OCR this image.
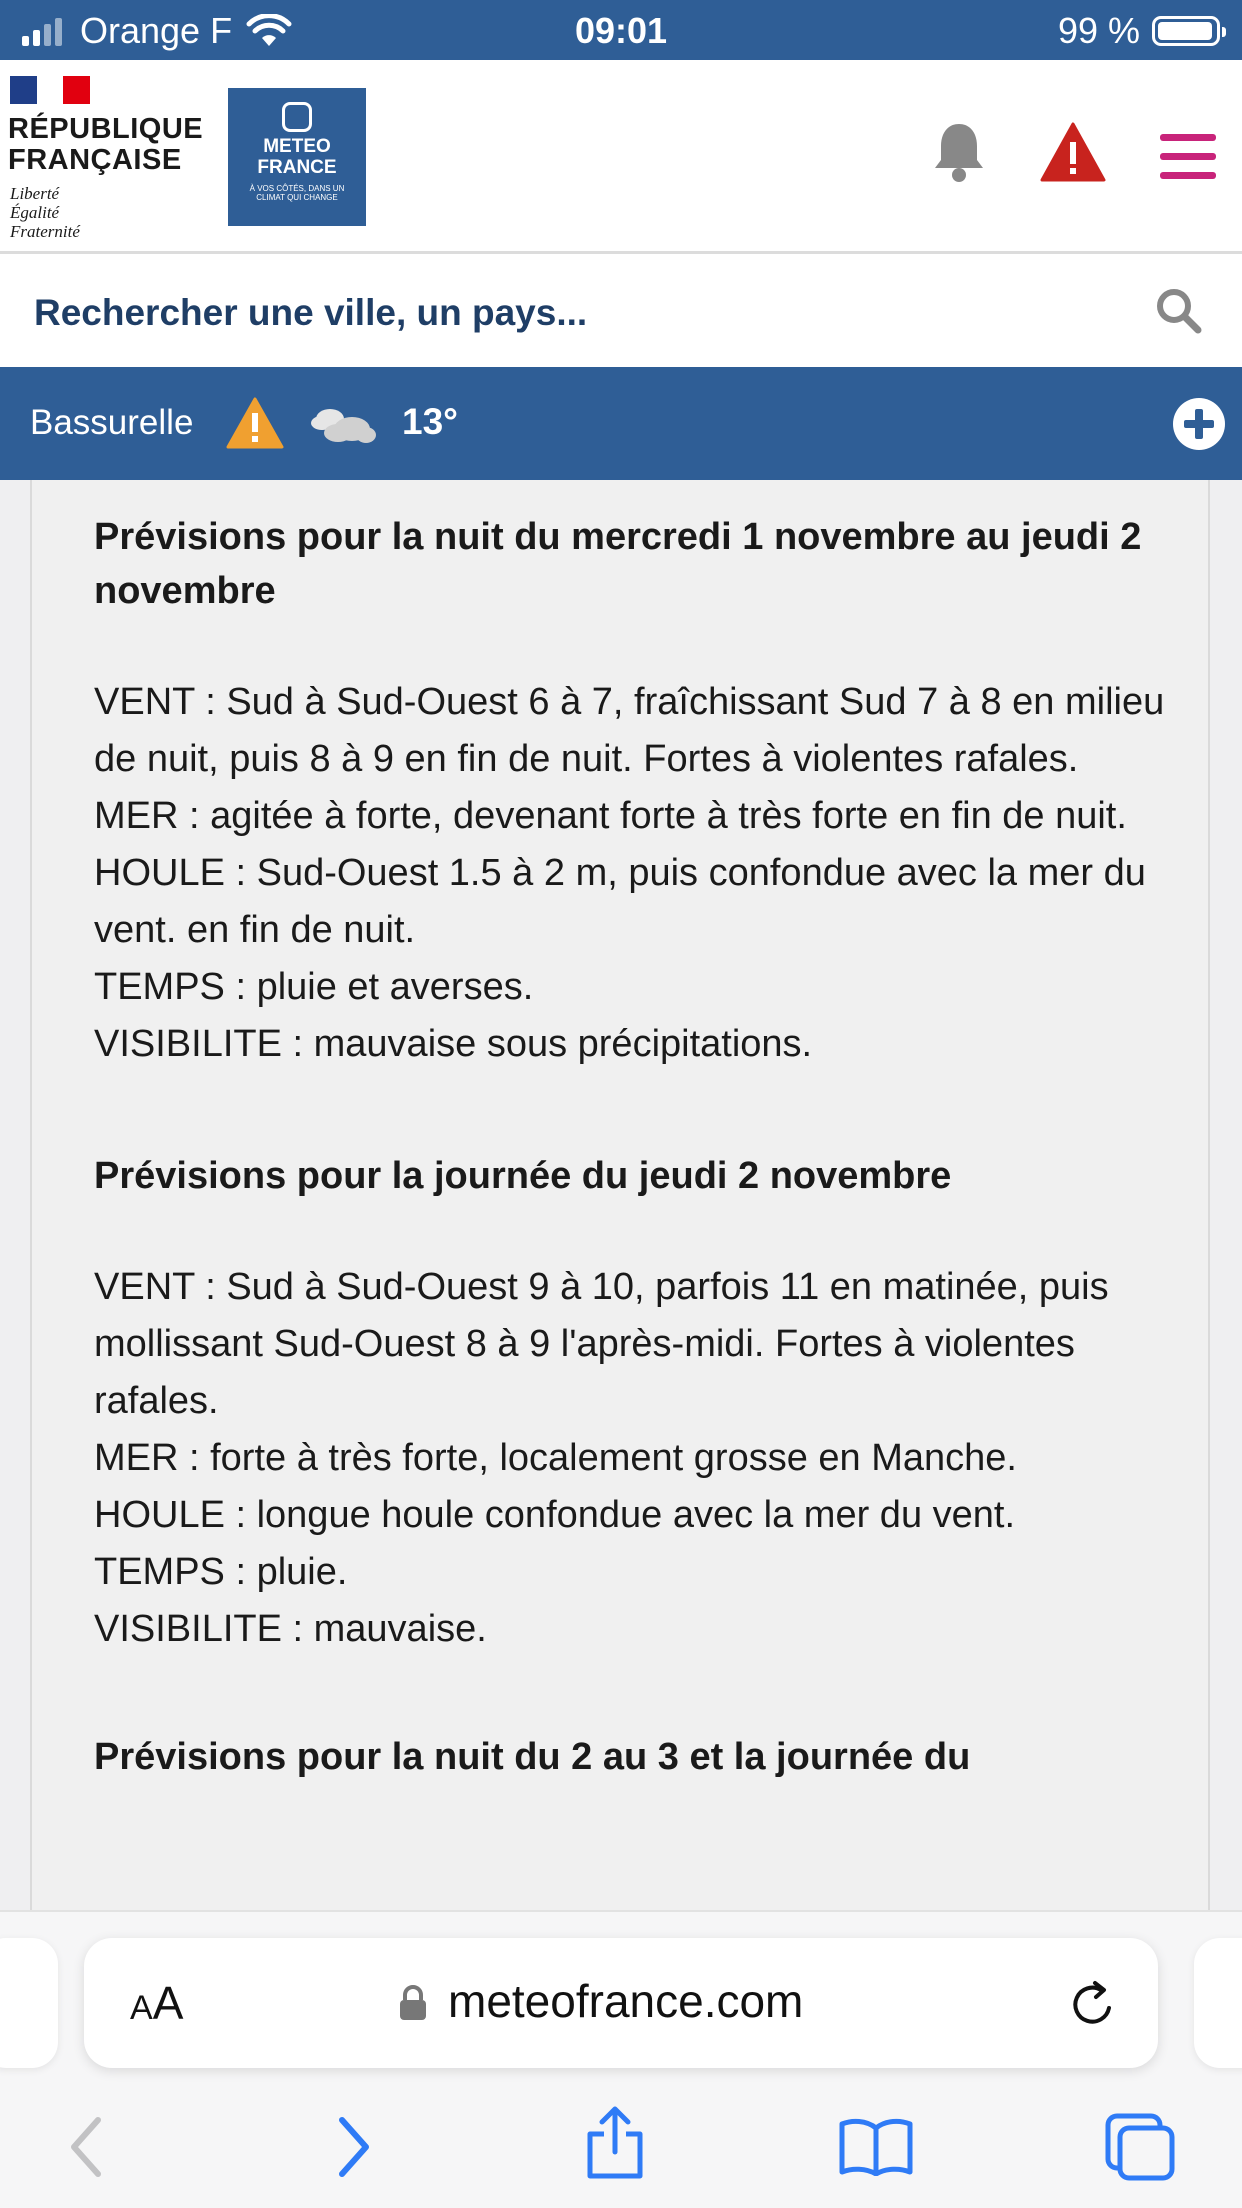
Orange F	09:01	99 %
RÉPUBLIQUE
FRANÇAISE
Liberté
Égalité
Fraternité
METEO
FRANCE
À VOS CÔTÉS, DANS UN CLIMAT QUI CHANGE
Rechercher une ville, un pays...
Bassurelle	13°
Prévisions pour la nuit du mercredi 1 novembre au jeudi 2 novembre

VENT : Sud à Sud-Ouest 6 à 7, fraîchissant Sud 7 à 8 en milieu de nuit, puis 8 à 9 en fin de nuit. Fortes à violentes rafales.

MER : agitée à forte, devenant forte à très forte en fin de nuit.

HOULE : Sud-Ouest 1.5 à 2 m, puis confondue avec la mer du vent. en fin de nuit.

TEMPS : pluie et averses.

VISIBILITE : mauvaise sous précipitations.

Prévisions pour la journée du jeudi 2 novembre

VENT : Sud à Sud-Ouest 9 à 10, parfois 11 en matinée, puis mollissant Sud-Ouest 8 à 9 l'après-midi. Fortes à violentes rafales.

MER : forte à très forte, localement grosse en Manche.

HOULE : longue houle confondue avec la mer du vent.

TEMPS : pluie.

VISIBILITE : mauvaise.

Prévisions pour la nuit du 2 au 3 et la journée du
AA	meteofrance.com
